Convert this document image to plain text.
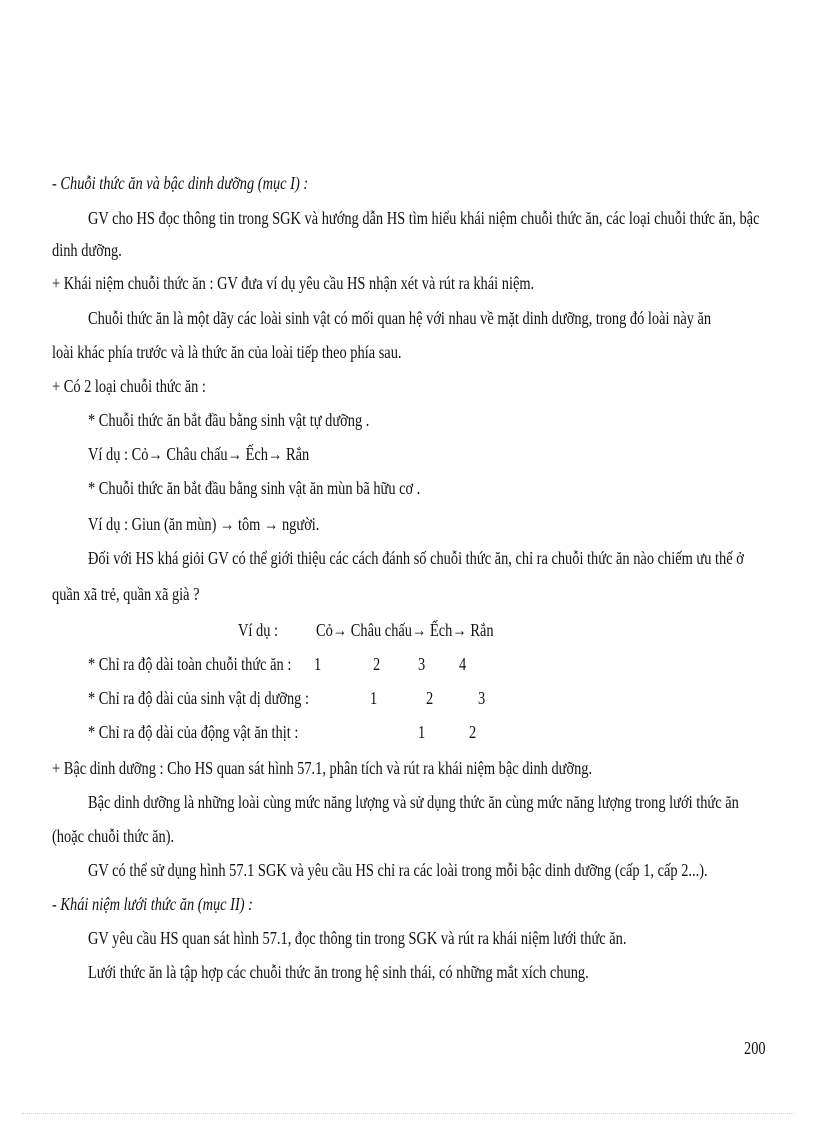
- Chuỗi thức ăn và bậc dinh dưỡng (mục I) :
GV cho HS đọc thông tin trong SGK và hướng dẫn HS tìm hiểu khái niệm chuỗi thức ăn, các loại chuỗi thức ăn, bậc
dinh dưỡng.
+ Khái niệm chuỗi thức ăn : GV đưa ví dụ yêu cầu HS nhận xét và rút ra khái niệm.
Chuỗi thức ăn là một dãy các loài sinh vật có mối quan hệ với nhau về mặt dinh dưỡng, trong đó loài này ăn
loài khác phía trước và là thức ăn của loài tiếp theo phía sau.
+ Có 2 loại chuỗi thức ăn :
* Chuỗi thức ăn bắt đầu bằng sinh vật tự dưỡng .
Ví dụ : Cỏ→ Châu chấu→ Ếch→ Rắn
* Chuỗi thức ăn bắt đầu bằng sinh vật ăn mùn bã hữu cơ .
Ví dụ : Giun (ăn mùn) → tôm → người.
Đối với HS khá giỏi GV có thể giới thiệu các cách đánh số chuỗi thức ăn, chỉ ra chuỗi thức ăn nào chiếm ưu thế ở
quần xã trẻ, quần xã già ?
Ví dụ : Cỏ→ Châu chấu→ Ếch→ Rắn
* Chỉ ra độ dài toàn chuỗi thức ăn : 1	2 3 4
* Chỉ ra độ dài của sinh vật dị dưỡng :	1	2 3
* Chỉ ra độ dài của động vật ăn thịt :	1 2
+ Bậc dinh dưỡng : Cho HS quan sát hình 57.1, phân tích và rút ra khái niệm bậc dinh dưỡng.
Bậc dinh dưỡng là những loài cùng mức năng lượng và sử dụng thức ăn cùng mức năng lượng trong lưới thức ăn
(hoặc chuỗi thức ăn).
GV có thể sử dụng hình 57.1 SGK và yêu cầu HS chỉ ra các loài trong mỗi bậc dinh dưỡng (cấp 1, cấp 2...).
- Khái niệm lưới thức ăn (mục II) :
GV yêu cầu HS quan sát hình 57.1, đọc thông tin trong SGK và rút ra khái niệm lưới thức ăn.
Lưới thức ăn là tập hợp các chuỗi thức ăn trong hệ sinh thái, có những mắt xích chung.
200
